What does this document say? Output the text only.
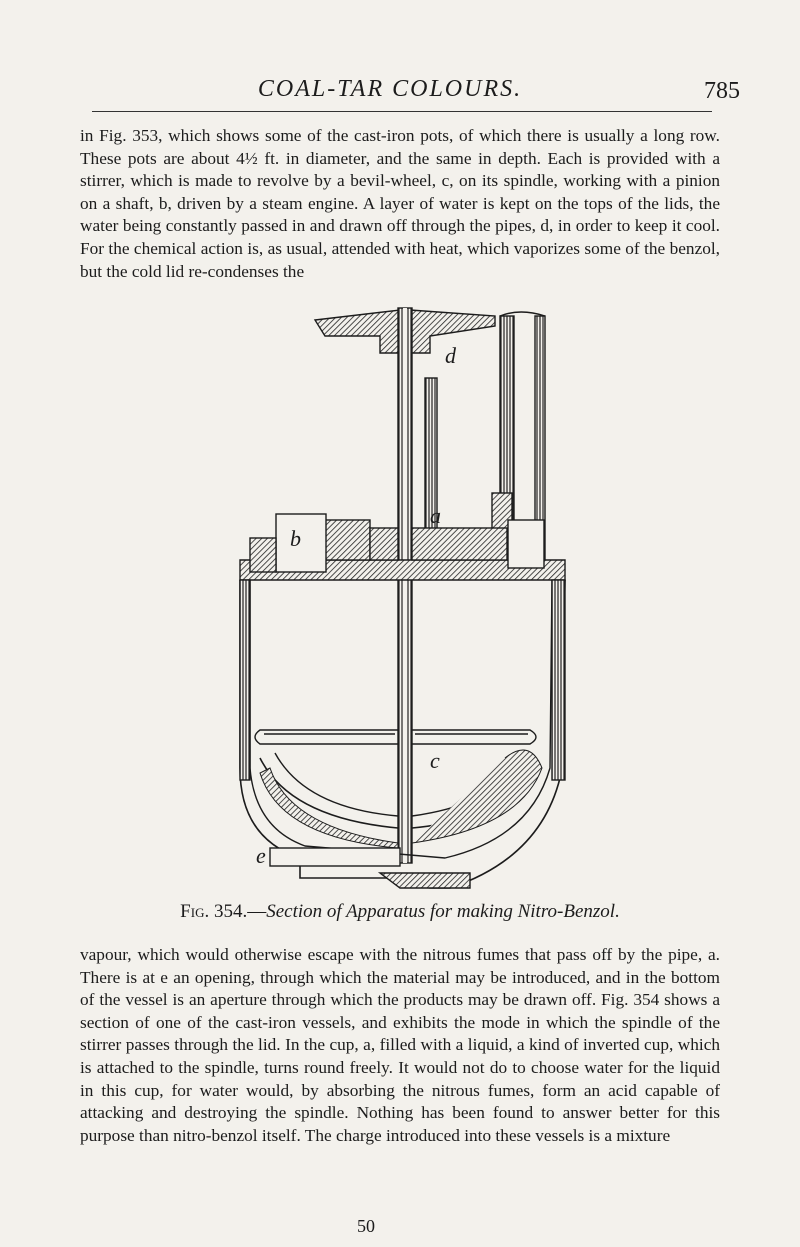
COAL-TAR COLOURS.	785

in Fig. 353, which shows some of the cast-iron pots, of which there is usually a long row. These pots are about 4½ ft. in diameter, and the same in depth. Each is provided with a stirrer, which is made to revolve by a bevil-wheel, c, on its spindle, working with a pinion on a shaft, b, driven by a steam engine. A layer of water is kept on the tops of the lids, the water being constantly passed in and drawn off through the pipes, d, in order to keep it cool. For the chemical action is, as usual, attended with heat, which vaporizes some of the benzol, but the cold lid re-condenses the

d
a
b
c
e
Fig. 354.—Section of Apparatus for making Nitro-Benzol.

vapour, which would otherwise escape with the nitrous fumes that pass off by the pipe, a. There is at e an opening, through which the material may be introduced, and in the bottom of the vessel is an aperture through which the products may be drawn off. Fig. 354 shows a section of one of the cast-iron vessels, and exhibits the mode in which the spindle of the stirrer passes through the lid. In the cup, a, filled with a liquid, a kind of inverted cup, which is attached to the spindle, turns round freely. It would not do to choose water for the liquid in this cup, for water would, by absorbing the nitrous fumes, form an acid capable of attacking and destroying the spindle. Nothing has been found to answer better for this purpose than nitro-benzol itself. The charge introduced into these vessels is a mixture

50
